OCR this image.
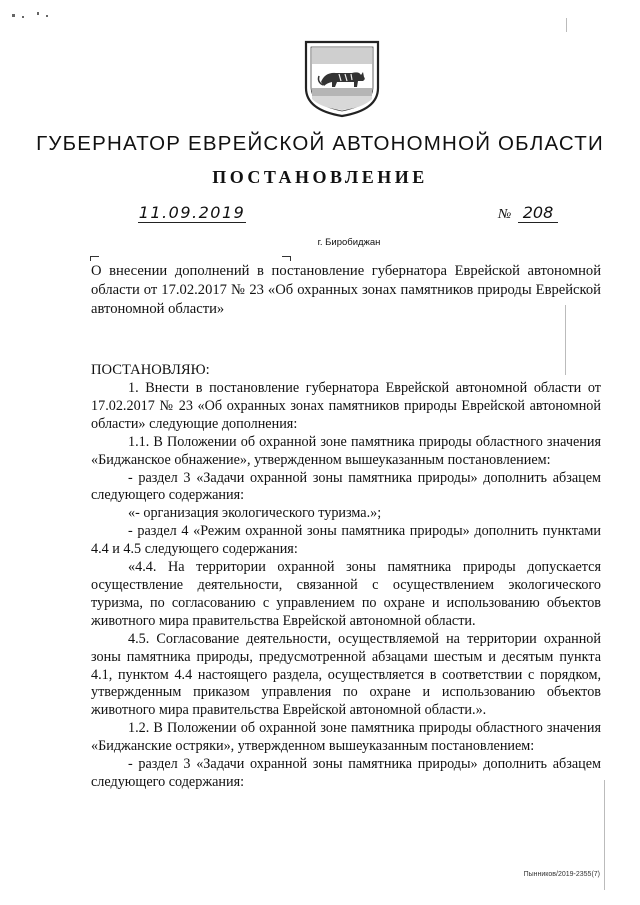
ГУБЕРНАТОР ЕВРЕЙСКОЙ АВТОНОМНОЙ ОБЛАСТИ
ПОСТАНОВЛЕНИЕ
11.09.2019	№ 208
г. Биробиджан
О внесении дополнений в постановление губернатора Еврейской автономной области от 17.02.2017 № 23 «Об охранных зонах памятников природы Еврейской автономной области»
ПОСТАНОВЛЯЮ:

1. Внести в постановление губернатора Еврейской автономной области от 17.02.2017 № 23 «Об охранных зонах памятников природы Еврейской автономной области» следующие дополнения:

1.1. В Положении об охранной зоне памятника природы областного значения «Биджанское обнажение», утвержденном вышеуказанным постановлением:

- раздел 3 «Задачи охранной зоны памятника природы» дополнить абзацем следующего содержания:

«- организация экологического туризма.»;

- раздел 4 «Режим охранной зоны памятника природы» дополнить пунктами 4.4 и 4.5 следующего содержания:

«4.4. На территории охранной зоны памятника природы допускается осуществление деятельности, связанной с осуществлением экологического туризма, по согласованию с управлением по охране и использованию объектов животного мира правительства Еврейской автономной области.

4.5. Согласование деятельности, осуществляемой на территории охранной зоны памятника природы, предусмотренной абзацами шестым и десятым пункта 4.1, пунктом 4.4 настоящего раздела, осуществляется в соответствии с порядком, утвержденным приказом управления по охране и использованию объектов животного мира правительства Еврейской автономной области.».

1.2. В Положении об охранной зоне памятника природы областного значения «Биджанские остряки», утвержденном вышеуказанным постановлением:

- раздел 3 «Задачи охранной зоны памятника природы» дополнить абзацем следующего содержания:

Пынников/2019-2355(7)
